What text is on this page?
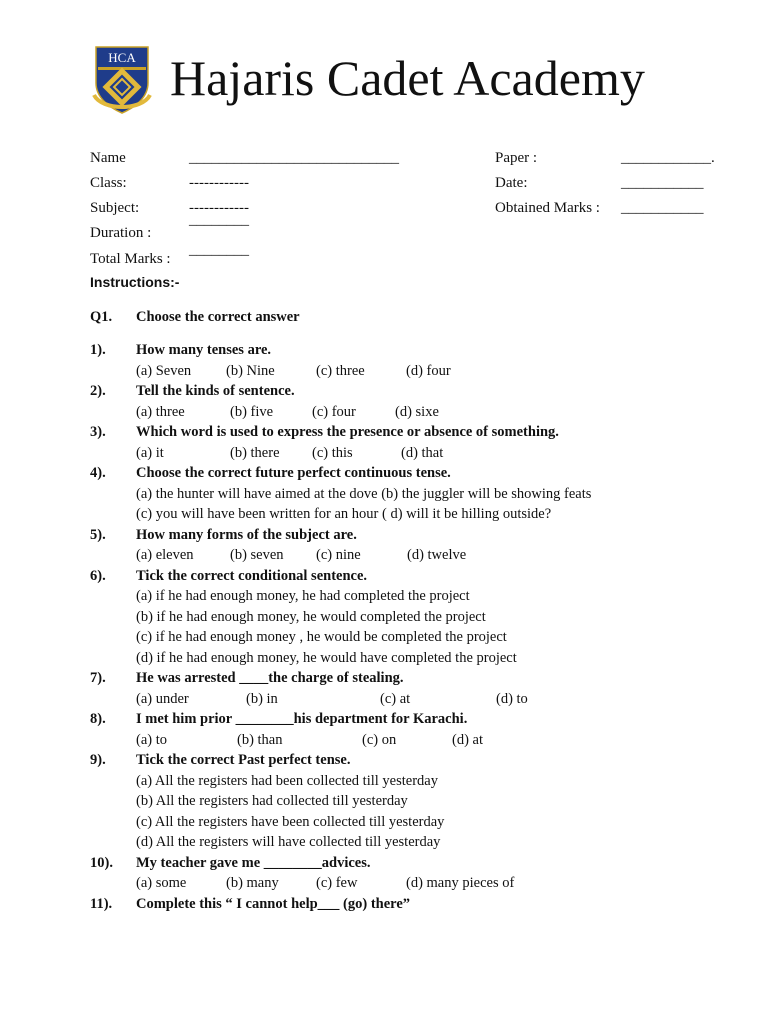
HCA Hajaris Cadet Academy
Name	____________________________
Class:	------------
Subject:	------------
Duration :
________
Total Marks :
________
Paper :	____________.
Date:	___________
Obtained Marks : ___________
Instructions:-
Q1. Choose the correct answer
1). How many tenses are.
(a) Seven (b) Nine	(c) three	(d) four
2). Tell the kinds of sentence.
(a) three	(b) five	(c) four	(d) sixe
3). Which word is used to express the presence or absence of something.
(a) it	(b) there (c) this	(d) that
4). Choose the correct future perfect continuous tense.
(a) the hunter will have aimed at the dove (b) the juggler will be showing feats
(c) you will have been written for an hour ( d) will it be hilling outside?
5). How many forms of the subject are.
(a) eleven	(b) seven (c) nine	(d) twelve
6). Tick the correct conditional sentence.
(a) if he had enough money, he had completed the project
(b) if he had enough money, he would completed the project
(c) if he had enough money , he would be completed the project
(d) if he had enough money, he would have completed the project
7). He was arrested ____the charge of stealing.
(a) under	(b) in	(c) at	(d) to
8). I met him prior ________his department for Karachi.
(a) to	(b) than	(c) on	(d) at
9). Tick the correct Past perfect tense.
(a) All the registers had been collected till yesterday
(b) All the registers had collected till yesterday
(c) All the registers have been collected till yesterday
(d) All the registers will have collected till yesterday
10). My teacher gave me ________advices.
(a) some	(b) many	(c) few	(d) many pieces of
11). Complete this “ I cannot help___ (go) there”
